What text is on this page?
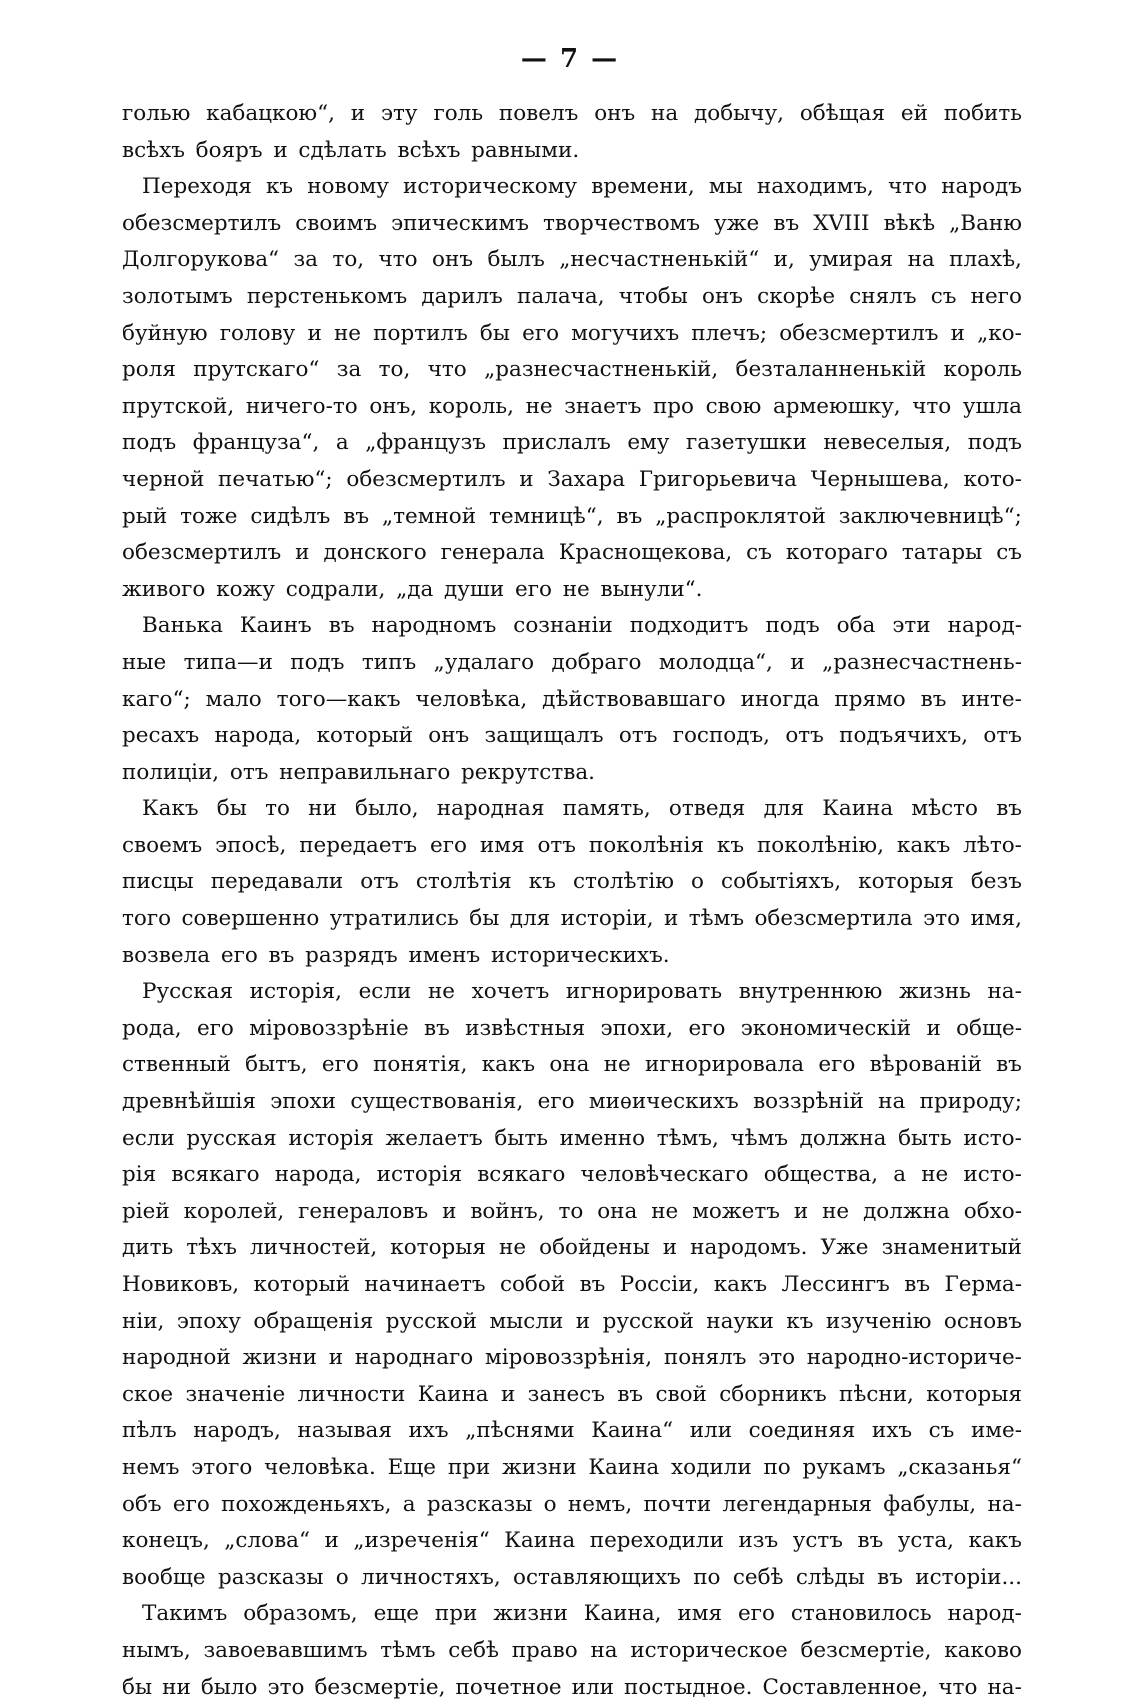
— 7 —
голью кабацкою“, и эту голь повелъ онъ на добычу, обѣщая ей побить
всѣхъ бояръ и сдѣлать всѣхъ равными.
Переходя къ новому историческому времени, мы находимъ, что народъ
обезсмертилъ своимъ эпическимъ творчествомъ уже въ XVIII вѣкѣ „Ваню
Долгорукова“ за то, что онъ былъ „несчастненькій“ и, умирая на плахѣ,
золотымъ перстенькомъ дарилъ палача, чтобы онъ скорѣе снялъ съ него
буйную голову и не портилъ бы его могучихъ плечъ; обезсмертилъ и „ко-
роля прутскаго“ за то, что „разнесчастненькій, безталанненькій король
прутской, ничего-то онъ, король, не знаетъ про свою армеюшку, что ушла
подъ француза“, а „французъ прислалъ ему газетушки невеселыя, подъ
черной печатью“; обезсмертилъ и Захара Григорьевича Чернышева, кото-
рый тоже сидѣлъ въ „темной темницѣ“, въ „распроклятой заключевницѣ“;
обезсмертилъ и донского генерала Краснощекова, съ котораго татары съ
живого кожу содрали, „да души его не вынули“.
Ванька Каинъ въ народномъ сознаніи подходитъ подъ оба эти народ-
ные типа—и подъ типъ „удалаго добраго молодца“, и „разнесчастнень-
каго“; мало того—какъ человѣка, дѣйствовавшаго иногда прямо въ инте-
ресахъ народа, который онъ защищалъ отъ господъ, отъ подъячихъ, отъ
полиціи, отъ неправильнаго рекрутства.
Какъ бы то ни было, народная память, отведя для Каина мѣсто въ
своемъ эпосѣ, передаетъ его имя отъ поколѣнія къ поколѣнію, какъ лѣто-
писцы передавали отъ столѣтія къ столѣтію о событіяхъ, которыя безъ
того совершенно утратились бы для исторіи, и тѣмъ обезсмертила это имя,
возвела его въ разрядъ именъ историческихъ.
Русская исторія, если не хочетъ игнорировать внутреннюю жизнь на-
рода, его міровоззрѣніе въ извѣстныя эпохи, его экономическій и обще-
ственный бытъ, его понятія, какъ она не игнорировала его вѣрованій въ
древнѣйшія эпохи существованія, его миѳическихъ воззрѣній на природу;
если русская исторія желаетъ быть именно тѣмъ, чѣмъ должна быть исто-
рія всякаго народа, исторія всякаго человѣческаго общества, а не исто-
ріей королей, генераловъ и войнъ, то она не можетъ и не должна обхо-
дить тѣхъ личностей, которыя не обойдены и народомъ. Уже знаменитый
Новиковъ, который начинаетъ собой въ Россіи, какъ Лессингъ въ Герма-
ніи, эпоху обращенія русской мысли и русской науки къ изученію основъ
народной жизни и народнаго міровоззрѣнія, понялъ это народно-историче-
ское значеніе личности Каина и занесъ въ свой сборникъ пѣсни, которыя
пѣлъ народъ, называя ихъ „пѣснями Каина“ или соединяя ихъ съ име-
немъ этого человѣка. Еще при жизни Каина ходили по рукамъ „сказанья“
объ его похожденьяхъ, а разсказы о немъ, почти легендарныя фабулы, на-
конецъ, „слова“ и „изреченія“ Каина переходили изъ устъ въ уста, какъ
вообще разсказы о личностяхъ, оставляющихъ по себѣ слѣды въ исторіи...
Такимъ образомъ, еще при жизни Каина, имя его становилось народ-
нымъ, завоевавшимъ тѣмъ себѣ право на историческое безсмертіе, каково
бы ни было это безсмертіе, почетное или постыдное. Составленное, что на-
